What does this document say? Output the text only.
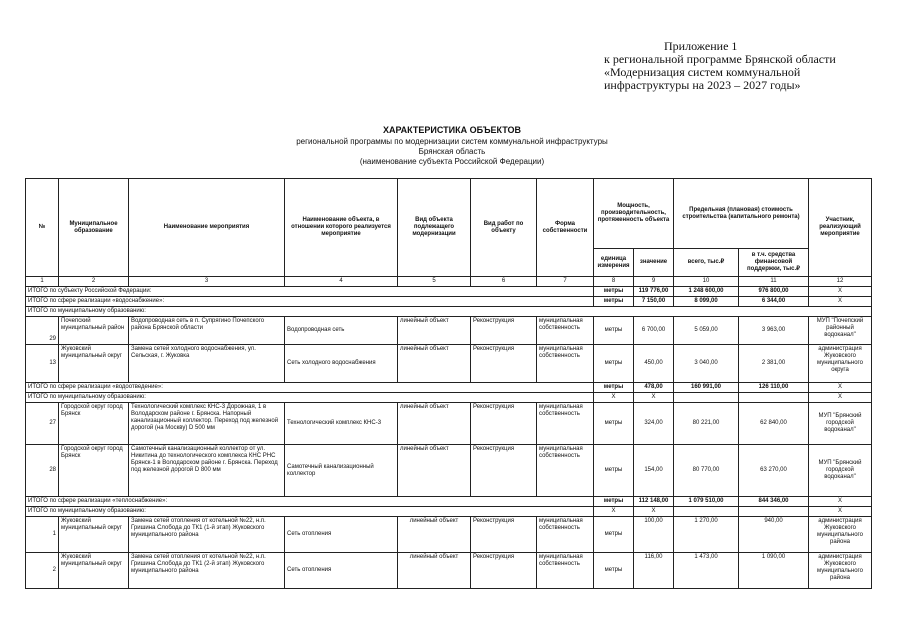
Приложение 1
к региональной программе Брянской области
«Модернизация систем коммунальной
инфраструктуры на 2023 – 2027 годы»
ХАРАКТЕРИСТИКА ОБЪЕКТОВ
региональной программы по модернизации систем коммунальной инфраструктуры
Брянская область
(наименование субъекта Российской Федерации)
№	Муниципальное образование	Наименование мероприятия	Наименование объекта, в отношении которого реализуется мероприятие	Вид объекта подлежащего модернизации	Вид работ по объекту	Форма собственности	Мощность, производительность, протяженность объекта		Предельная (плановая) стоимость строительства (капитального ремонта)		Участник, реализующий мероприятие
							единица измерения	значение	всего, тыс.₽	в т.ч. средства финансовой поддержки, тыс.₽	
1	2	3	4	5	6	7	8	9	10	11	12
ИТОГО по субъекту Российской Федерации:							метры	119 776,00	1 248 600,00	976 800,00	X
ИТОГО по сфере реализации «водоснабжение»:							метры	7 150,00	8 099,00	6 344,00	X
ИТОГО по муниципальному образованию:											
29	Почепский муниципальный район	Водопроводная сеть в п. Супрягино Почепского района Брянской области	Водопроводная сеть	линейный объект	Реконструкция	муниципальная собственность	метры	6 700,00	5 059,00	3 963,00	МУП "Почепский районный водоканал"
13	Жуковский муниципальный округ	Замена сетей холодного водоснабжения, ул. Сельская, г. Жуковка	Сеть холодного водоснабжения	линейный объект	Реконструкция	муниципальная собственность	метры	450,00	3 040,00	2 381,00	администрация Жуковского муниципального округа
ИТОГО по сфере реализации «водоотведение»:							метры	478,00	160 991,00	126 110,00	X
ИТОГО по муниципальному образованию:							X	X			X
27	Городской округ город Брянск	Технологический комплекс КНС-3 Дорожная, 1 в Володарском районе г. Брянска. Напорный канализационный коллектор. Переход под железной дорогой (на Москву) D 500 мм	Технологический комплекс КНС-3	линейный объект	Реконструкция	муниципальная собственность	метры	324,00	80 221,00	62 840,00	МУП "Брянский городской водоканал"
28	Городской округ город Брянск	Самотечный канализационный коллектор от ул. Никитина до технологического комплекса КНС РНС Брянск-1 в Володарском районе г. Брянска. Переход под железной дорогой D 800 мм	Самотечный канализационный коллектор	линейный объект	Реконструкция	муниципальная собственность	метры	154,00	80 770,00	63 270,00	МУП "Брянский городской водоканал"
ИТОГО по сфере реализации «теплоснабжение»:							метры	112 148,00	1 079 510,00	844 346,00	X
ИТОГО по муниципальному образованию:							X	X			X
1	Жуковский муниципальный округ	Замена сетей отопления от котельной №22, н.п. Гришина Слобода до ТК1 (1-й этап) Жуковского муниципального района	Сеть отопления	линейный объект	Реконструкция	муниципальная собственность	метры	100,00	1 270,00	940,00	администрация Жуковского муниципального района
2	Жуковский муниципальный округ	Замена сетей отопления от котельной №22, н.п. Гришина Слобода до ТК1 (2-й этап) Жуковского муниципального района	Сеть отопления	линейный объект	Реконструкция	муниципальная собственность	метры	116,00	1 473,00	1 090,00	администрация Жуковского муниципального района
